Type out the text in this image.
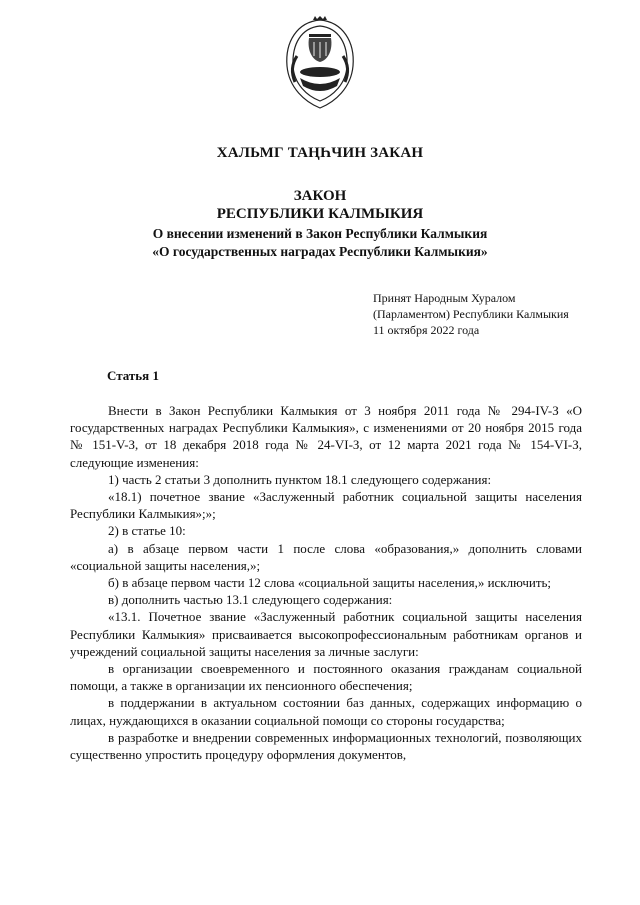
ХАЛЬМГ ТАҢҺЧИН ЗАКАН
ЗАКОН
РЕСПУБЛИКИ КАЛМЫКИЯ
О внесении изменений в Закон Республики Калмыкия
«О государственных наградах Республики Калмыкия»
Принят Народным Хуралом
(Парламентом) Республики Калмыкия
11 октября 2022 года
Статья 1

Внести в Закон Республики Калмыкия от 3 ноября 2011 года № 294-IV-З «О государственных наградах Республики Калмыкия», с изменениями от 20 ноября 2015 года № 151-V-З, от 18 декабря 2018 года № 24-VI-З, от 12 марта 2021 года № 154-VI-З, следующие изменения:

1) часть 2 статьи 3 дополнить пунктом 18.1 следующего содержания:

«18.1) почетное звание «Заслуженный работник социальной защиты населения Республики Калмыкия»;»;

2) в статье 10:

а) в абзаце первом части 1 после слова «образования,» дополнить словами «социальной защиты населения,»;

б) в абзаце первом части 12 слова «социальной защиты населения,» исключить;

в) дополнить частью 13.1 следующего содержания:

«13.1. Почетное звание «Заслуженный работник социальной защиты населения Республики Калмыкия» присваивается высокопрофессиональным работникам органов и учреждений социальной защиты населения за личные заслуги:

в организации своевременного и постоянного оказания гражданам социальной помощи, а также в организации их пенсионного обеспечения;

в поддержании в актуальном состоянии баз данных, содержащих информацию о лицах, нуждающихся в оказании социальной помощи со стороны государства;

в разработке и внедрении современных информационных технологий, позволяющих существенно упростить процедуру оформления документов,
